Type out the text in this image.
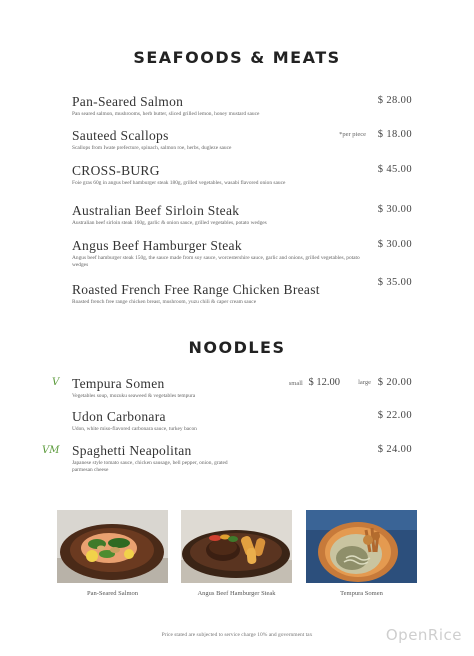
SEAFOODS & MEATS
Pan-Seared Salmon
Pan seared salmon, mushrooms, herb butter, sliced grilled lemon, honey mustard sauce
$ 28.00
Sauteed Scallops
Scallops from Iwate prefecture, spinach, salmon roe, herbs, dugleze sauce
*per piece $ 18.00
CROSS-BURG
Foie gras 60g in angus beef hamburger steak 180g, grilled vegetables, wasabi flavored onion sauce
$ 45.00
Australian Beef Sirloin Steak
Australian beef sirloin steak 160g, garlic & onion sauce, grilled vegetables, potato wedges
$ 30.00
Angus Beef Hamburger Steak
Angus beef hamburger steak 150g, the sauce made from soy sauce, worcestershire sauce, garlic and onions, grilled vegetables, potato wedges
$ 30.00
Roasted French Free Range Chicken Breast
Roasted french free range chicken breast, mushroom, yuzu chili & caper cream sauce
$ 35.00
NOODLES
V Tempura Somen
Vegetables soup, mozuku seaweed & vegetables tempura
small $ 12.00	large $ 20.00
Udon Carbonara
Udon, white miso-flavored carbonara sauce, turkey bacon
$ 22.00
VM Spaghetti Neapolitan
Japanese style tomato sauce, chicken sausage, bell pepper, onion, grated parmesan cheese
$ 24.00
Pan-Seared Salmon	Angus Beef Hamburger Steak	Tempura Somen
Price stated are subjected to service charge 10% and government tax	OpenRice
